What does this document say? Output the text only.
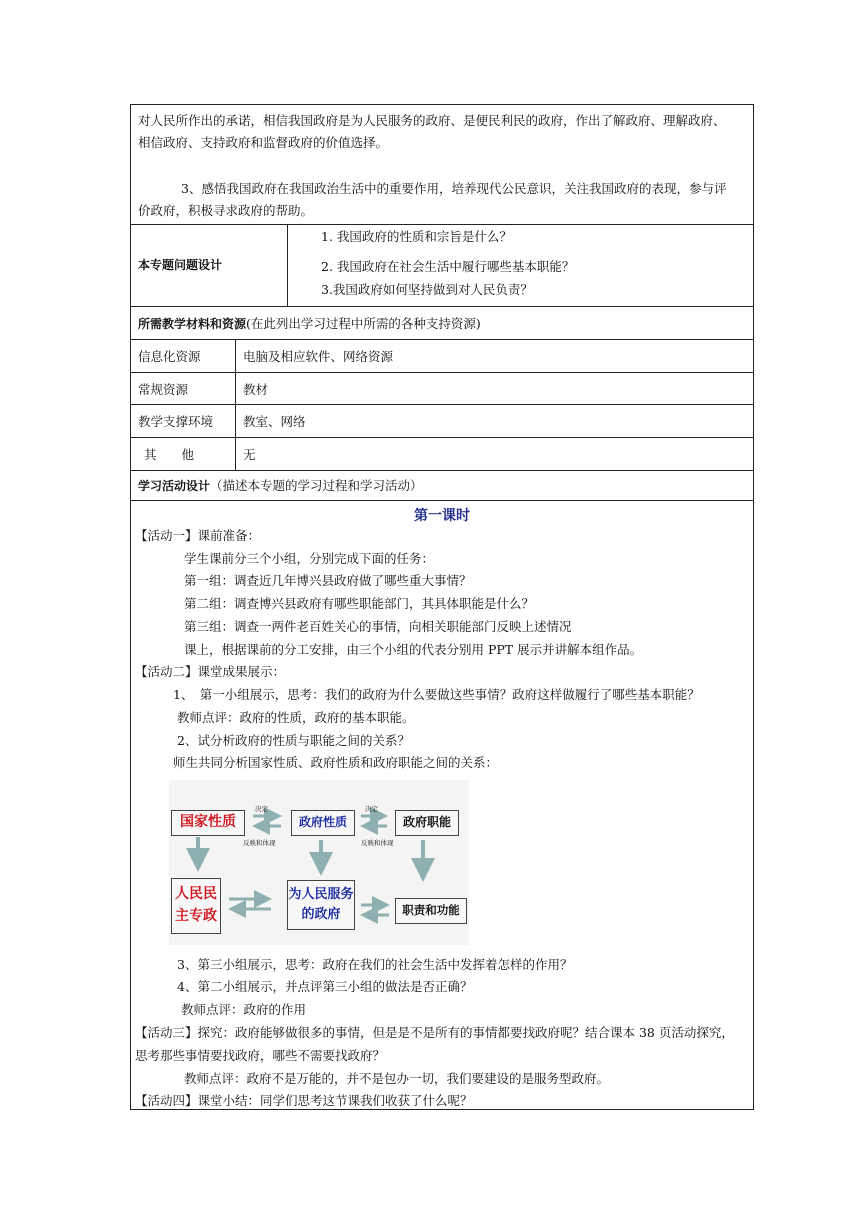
对人民所作出的承诺，相信我国政府是为人民服务的政府、是便民利民的政府，作出了解政府、理解政府、
相信政府、支持政府和监督政府的价值选择。
3、感悟我国政府在我国政治生活中的重要作用，培养现代公民意识，关注我国政府的表现，参与评
价政府，积极寻求政府的帮助。
本专题问题设计
1. 我国政府的性质和宗旨是什么？
2. 我国政府在社会生活中履行哪些基本职能？
3.我国政府如何坚持做到对人民负责？
所需教学材料和资源(在此列出学习过程中所需的各种支持资源)
信息化资源	电脑及相应软件、网络资源
常规资源	教材
教学支撑环境 教室、网络
其　　他	无
学习活动设计（描述本专题的学习过程和学习活动）
第一课时
【活动一】课前准备：
学生课前分三个小组，分别完成下面的任务：
第一组：调查近几年博兴县政府做了哪些重大事情？
第二组：调查博兴县政府有哪些职能部门，其具体职能是什么？
第三组：调查一两件老百姓关心的事情，向相关职能部门反映上述情况
课上，根据课前的分工安排，由三个小组的代表分别用 PPT 展示并讲解本组作品。
【活动二】课堂成果展示：
1、　第一小组展示，思考：我们的政府为什么要做这些事情？政府这样做履行了哪些基本职能？
教师点评：政府的性质，政府的基本职能。
2、试分析政府的性质与职能之间的关系？
师生共同分析国家性质、政府性质和政府职能之间的关系：
3、第三小组展示，思考：政府在我们的社会生活中发挥着怎样的作用？
4、第二小组展示，并点评第三小组的做法是否正确？
教师点评：政府的作用
【活动三】探究：政府能够做很多的事情，但是是不是所有的事情都要找政府呢？结合课本 38 页活动探究，
思考那些事情要找政府，哪些不需要找政府？
教师点评：政府不是万能的，并不是包办一切，我们要建设的是服务型政府。
【活动四】课堂小结：同学们思考这节课我们收获了什么呢？
国家性质	政府性质	政府职能
人民民主专政
为人民服务的政府	职责和功能
决定
反映和体现
决定
反映和体现
